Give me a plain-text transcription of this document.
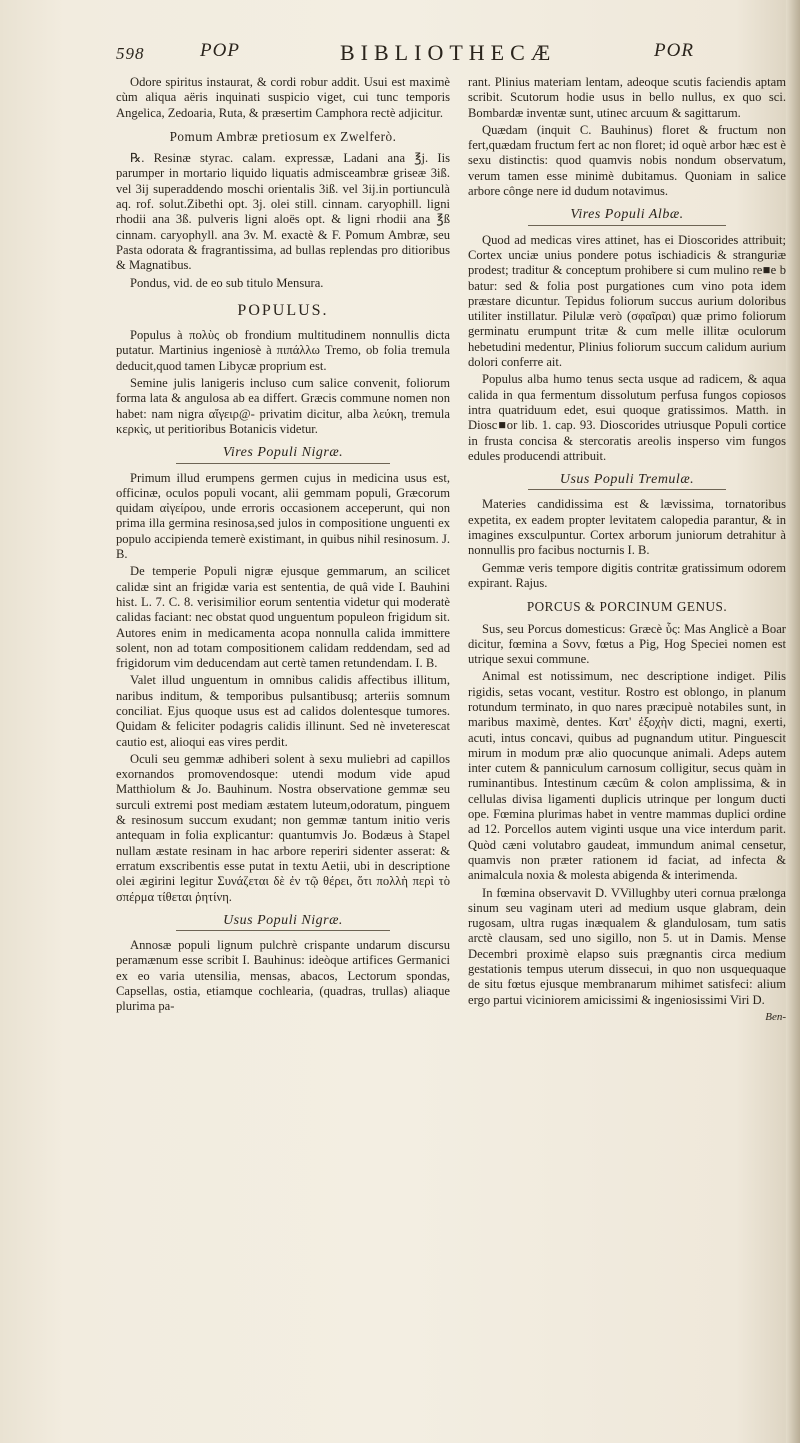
598	POP	BIBLIOTHECÆ	POR

Odore spiritus instaurat, & cordi robur addit. Usui est maximè cùm aliqua aëris inquinati suspicio viget, cui tunc temporis Angelica, Zedoaria, Ruta, & præsertim Camphora rectè adjicitur.

Pomum Ambræ pretiosum ex Zwelferò.

℞. Resinæ styrac. calam. expressæ, Ladani ana ℥j. Iis parumper in mortario liquido liquatis admisceambræ griseæ 3iß. vel 3ij superaddendo moschi orientalis 3iß. vel 3ij.in portiunculà aq. rof. solut.Zibethi opt. 3j. olei still. cinnam. caryophill. ligni rhodii ana 3ß. pulveris ligni aloës opt. & ligni rhodii ana ℥ß cinnam. caryophyll. ana 3v. M. exactè & F. Pomum Ambræ, seu Pasta odorata & fragrantissima, ad bullas replendas pro ditioribus & Magnatibus.

Pondus, vid. de eo sub titulo Mensura.

POPULUS.

Populus à πολὺς ob frondium multitudinem nonnullis dicta putatur. Martinius ingeniosè à πιπάλλω Tremo, ob folia tremula deducit,quod tamen Libycæ proprium est.

Semine julis lanigeris incluso cum salice convenit, foliorum forma lata & angulosa ab ea differt. Græcis commune nomen non habet: nam nigra αἴγειρ@- privatim dicitur, alba λεύκη, tremula κερκὶς, ut peritioribus Botanicis videtur.

Vires Populi Nigræ.

Primum illud erumpens germen cujus in medicina usus est, officinæ, oculos populi vocant, alii gemmam populi, Græcorum quidam αἰγείρου, unde erroris occasionem acceperunt, qui non prima illa germina resinosa,sed julos in compositione unguenti ex populo accipienda temerè existimant, in quibus nihil resinosum. J. B.

De temperie Populi nigræ ejusque gemmarum, an scilicet calidæ sint an frigidæ varia est sententia, de quâ vide I. Bauhini hist. L. 7. C. 8. verisimilior eorum sententia videtur qui moderatè calidas faciant: nec obstat quod unguentum populeon frigidum sit. Autores enim in medicamenta acopa nonnulla calida immittere solent, non ad totam compositionem calidam reddendam, sed ad frigidorum vim deducendam aut certè tamen retundendam. I. B.

Valet illud unguentum in omnibus calidis affectibus illitum, naribus inditum, & temporibus pulsantibusq; arteriis somnum conciliat. Ejus quoque usus est ad calidos dolentesque tumores. Quidam & feliciter podagris calidis illinunt. Sed nè inveterescat cautio est, alioqui eas vires perdit.

Oculi seu gemmæ adhiberi solent à sexu muliebri ad capillos exornandos promovendosque: utendi modum vide apud Matthiolum & Jo. Bauhinum. Nostra observatione gemmæ seu surculi extremi post mediam æstatem luteum,odoratum, pinguem & resinosum succum exudant; non gemmæ tantum initio veris antequam in folia explicantur: quantumvis Jo. Bodæus à Stapel nullam æstate resinam in hac arbore reperiri sidenter asserat: & erratum exscribentis esse putat in textu Aetii, ubi in descriptione olei ægirini legitur Συνάζεται δὲ ἐν τῷ θέρει, ὅτι πολλὴ περὶ τὸ σπέρμα τίθεται ῥητίνη.

Usus Populi Nigræ.

Annosæ populi lignum pulchrè crispante undarum discursu peramænum esse scribit I. Bauhinus: ideòque artifices Germanici ex eo varia utensilia, mensas, abacos, Lectorum spondas, Capsellas, ostia, etiamque cochlearia, (quadras, trullas) aliaque plurima pa-

rant. Plinius materiam lentam, adeoque scutis faciendis aptam scribit. Scutorum hodie usus in bello nullus, ex quo sci. Bombardæ inventæ sunt, utinec arcuum & sagittarum.

Quædam (inquit C. Bauhinus) floret & fructum non fert,quædam fructum fert ac non floret; id oquè arbor hæc est è sexu distinctis: quod quamvis nobis nondum observatum, verum tamen esse minimè dubitamus. Quoniam in salice arbore cônge nere id dudum notavimus.

Vires Populi Albæ.

Quod ad medicas vires attinet, has ei Dioscorides attribuit; Cortex unciæ unius pondere potus ischiadicis & stranguriæ prodest; traditur & conceptum prohibere si cum mulino re■e b batur: sed & folia post purgationes cum vino pota idem præstare dicuntur. Tepidus foliorum succus aurium doloribus utiliter instillatur. Pilulæ verò (σφαῖραι) quæ primo foliorum germinatu erumpunt tritæ & cum melle illitæ oculorum hebetudini medentur, Plinius foliorum succum calidum aurium dolori conferre ait.

Populus alba humo tenus secta usque ad radicem, & aqua calida in qua fermentum dissolutum perfusa fungos copiosos intra quatriduum edet, esui quoque gratissimos. Matth. in Diosc■or lib. 1. cap. 93. Dioscorides utriusque Populi cortice in frusta concisa & stercoratis areolis insperso vim fungos edules producendi attribuit.

Usus Populi Tremulæ.

Materies candidissima est & lævissima, tornatoribus expetita, ex eadem propter levitatem calopedia parantur, & in imagines exsculpuntur. Cortex arborum juniorum detrahitur à nonnullis pro facibus nocturnis I. B.

Gemmæ veris tempore digitis contritæ gratissimum odorem expirant. Rajus.

PORCUS & PORCINUM GENUS.

Sus, seu Porcus domesticus: Græcè ὗς: Mas Anglicè a Boar dicitur, fœmina a Sovv, fœtus a Pig, Hog Speciei nomen est utrique sexui commune.

Animal est notissimum, nec descriptione indiget. Pilis rigidis, setas vocant, vestitur. Rostro est oblongo, in planum rotundum terminato, in quo nares præcipuè notabiles sunt, in maribus maximè, dentes. Κατ' ἐξοχὴν dicti, magni, exerti, acuti, intus concavi, quibus ad pugnandum utitur. Pinguescit mirum in modum præ alio quocunque animali. Adeps autem inter cutem & panniculum carnosum colligitur, secus quàm in ruminantibus. Intestinum cæcûm & colon amplissima, & in cellulas divisa ligamenti duplicis utrinque per longum ducti ope. Fœmina plurimas habet in ventre mammas duplici ordine ad 12. Porcellos autem viginti usque una vice interdum parit. Quòd cæni volutabro gaudeat, immundum animal censetur, quamvis non præter rationem id faciat, ad infecta & animalcula noxia & molesta abigenda & interimenda.

In fœmina observavit D. VVillughby uteri cornua prælonga sinum seu vaginam uteri ad medium usque glabram, dein rugosam, ultra rugas inæqualem & glandulosam, tum satis arctè clausam, sed uno sigillo, non 5. ut in Damis. Mense Decembri proximè elapso suis prægnantis circa medium gestationis tempus uterum dissecui, in quo non usquequaque de situ fœtus ejusque membranarum mihimet satisfeci: alium ergo partui viciniorem amicissimi & ingeniosissimi Viri D.

Ben-
